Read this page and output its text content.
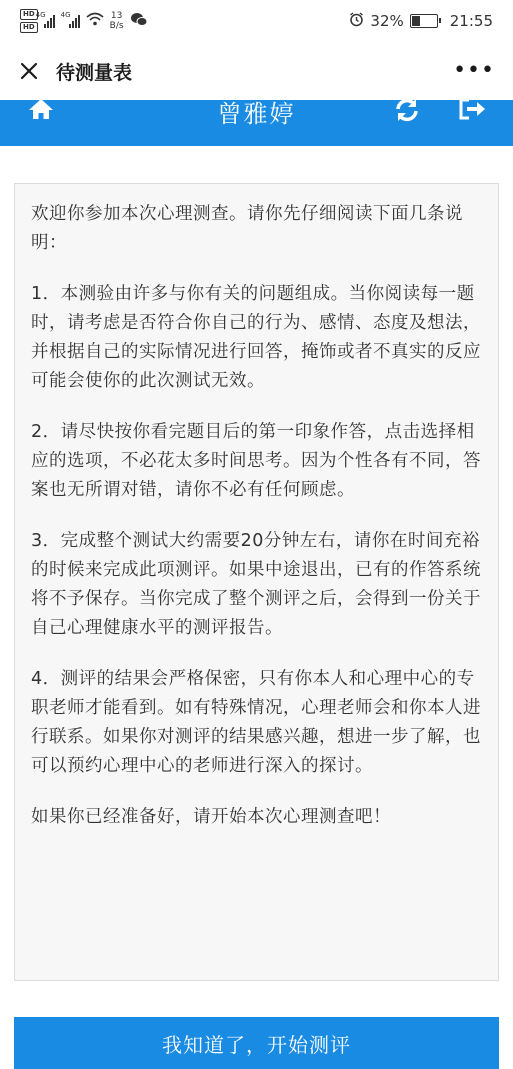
HD
HD
4G 4G	13
B/s	32%	21:55
待测量表	•••
曾雅婷

欢迎你参加本次心理测查。请你先仔细阅读下面几条说明：

1．本测验由许多与你有关的问题组成。当你阅读每一题时，请考虑是否符合你自己的行为、感情、态度及想法，并根据自己的实际情况进行回答，掩饰或者不真实的反应可能会使你的此次测试无效。

2．请尽快按你看完题目后的第一印象作答，点击选择相应的选项，不必花太多时间思考。因为个性各有不同，答案也无所谓对错，请你不必有任何顾虑。

3．完成整个测试大约需要20分钟左右，请你在时间充裕的时候来完成此项测评。如果中途退出，已有的作答系统将不予保存。当你完成了整个测评之后，会得到一份关于自己心理健康水平的测评报告。

4．测评的结果会严格保密，只有你本人和心理中心的专职老师才能看到。如有特殊情况，心理老师会和你本人进行联系。如果你对测评的结果感兴趣，想进一步了解，也可以预约心理中心的老师进行深入的探讨。

如果你已经准备好，请开始本次心理测查吧！

我知道了，开始测评
